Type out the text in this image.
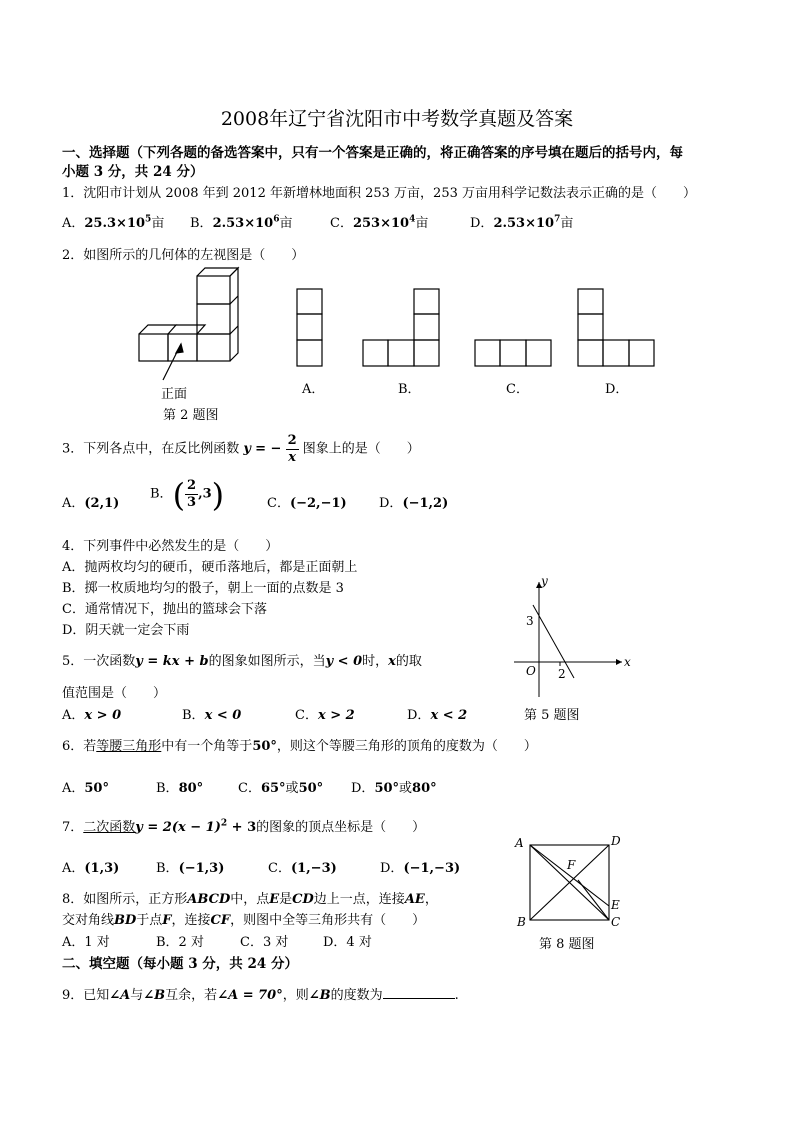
2008年辽宁省沈阳市中考数学真题及答案
一、选择题（下列各题的备选答案中，只有一个答案是正确的，将正确答案的序号填在题后的括号内，每
小题 3 分，共 24 分）
1．沈阳市计划从 2008 年到 2012 年新增林地面积 253 万亩，253 万亩用科学记数法表示正确的是（　　）
A．$25.3\times 10^5$亩 B．$2.53\times 10^6$亩	C．$253\times 10^4$亩	D．$2.53\times 10^7$亩
2．如图所示的几何体的左视图是（　　）
正面
第 2 题图
A．	B．	C．	D．
3．下列各点中，在反比例函数 y = − $\frac{2}{x}$ 图象上的是（　　）
A．(2,1)
B．( $\frac{2}{3} ,3$)	C．(−2,−1) D．(−1,2)
4．下列事件中必然发生的是（　　）
A．抛两枚均匀的硬币，硬币落地后，都是正面朝上
B．掷一枚质地均匀的骰子，朝上一面的点数是 3
C．通常情况下，抛出的篮球会下落
D．阴天就一定会下雨
5．一次函数y = kx + b的图象如图所示，当y < 0时，x的取
值范围是（　　）
A．x > 0	B．x < 0	C．x > 2	D．x < 2
y
x
3
O 2
第 5 题图
6．若等腰三角形中有一个角等于50°，则这个等腰三角形的顶角的度数为（　　）
A．50°	B．80°	C．65°或50° D．50°或80°
7．二次函数$y = 2(x - 1)^2 + 3$的图象的顶点坐标是（　　）
A．(1,3)	B．(−1,3)	C．(1,−3)	D．(−1,−3)
8．如图所示，正方形ABCD中，点E是CD边上一点，连接AE，
交对角线BD于点F，连接CF，则图中全等三角形共有（　　）
A．1 对	B．2 对	C．3 对	D．4 对
A	D
B	C
E
F
第 8 题图
二、填空题（每小题 3 分，共 24 分）
9．已知∠A与∠B互余，若∠A = 70°，则∠B的度数为	.
